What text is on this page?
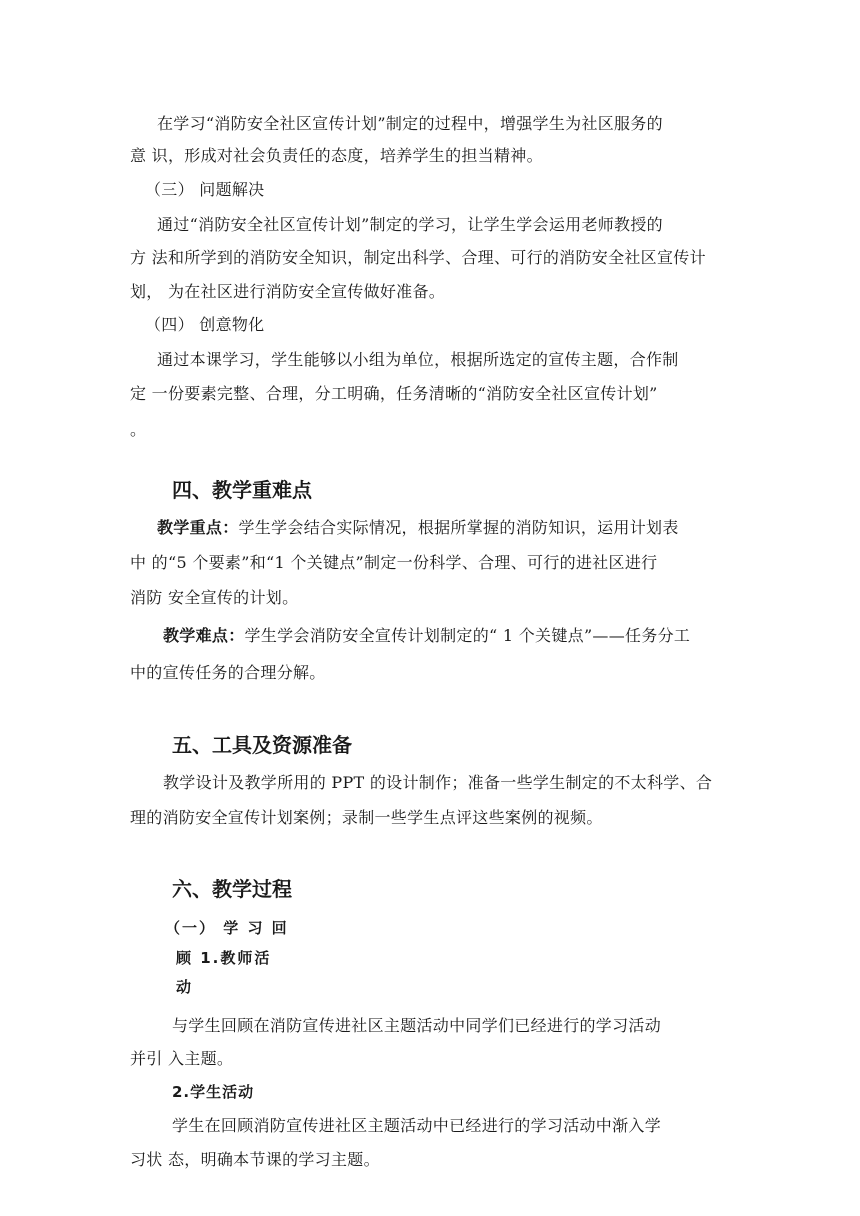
在学习“消防安全社区宣传计划”制定的过程中，增强学生为社区服务的
意 识，形成对社会负责任的态度，培养学生的担当精神。
（三） 问题解决
通过“消防安全社区宣传计划”制定的学习，让学生学会运用老师教授的
方 法和所学到的消防安全知识，制定出科学、合理、可行的消防安全社区宣传计
划， 为在社区进行消防安全宣传做好准备。
（四） 创意物化
通过本课学习，学生能够以小组为单位，根据所选定的宣传主题，合作制
定 一份要素完整、合理，分工明确，任务清晰的“消防安全社区宣传计划”
。
四、教学重难点
教学重点：学生学会结合实际情况，根据所掌握的消防知识，运用计划表
中 的“5 个要素”和“1 个关键点”制定一份科学、合理、可行的进社区进行
消防 安全宣传的计划。
教学难点：学生学会消防安全宣传计划制定的“ 1 个关键点”——任务分工
中的宣传任务的合理分解。
五、工具及资源准备
教学设计及教学所用的 PPT 的设计制作；准备一些学生制定的不太科学、合
理的消防安全宣传计划案例；录制一些学生点评这些案例的视频。
六、教学过程
（一） 学 习 回
顾 1.教师活
动
与学生回顾在消防宣传进社区主题活动中同学们已经进行的学习活动
并引 入主题。
2.学生活动
学生在回顾消防宣传进社区主题活动中已经进行的学习活动中渐入学
习状 态，明确本节课的学习主题。
